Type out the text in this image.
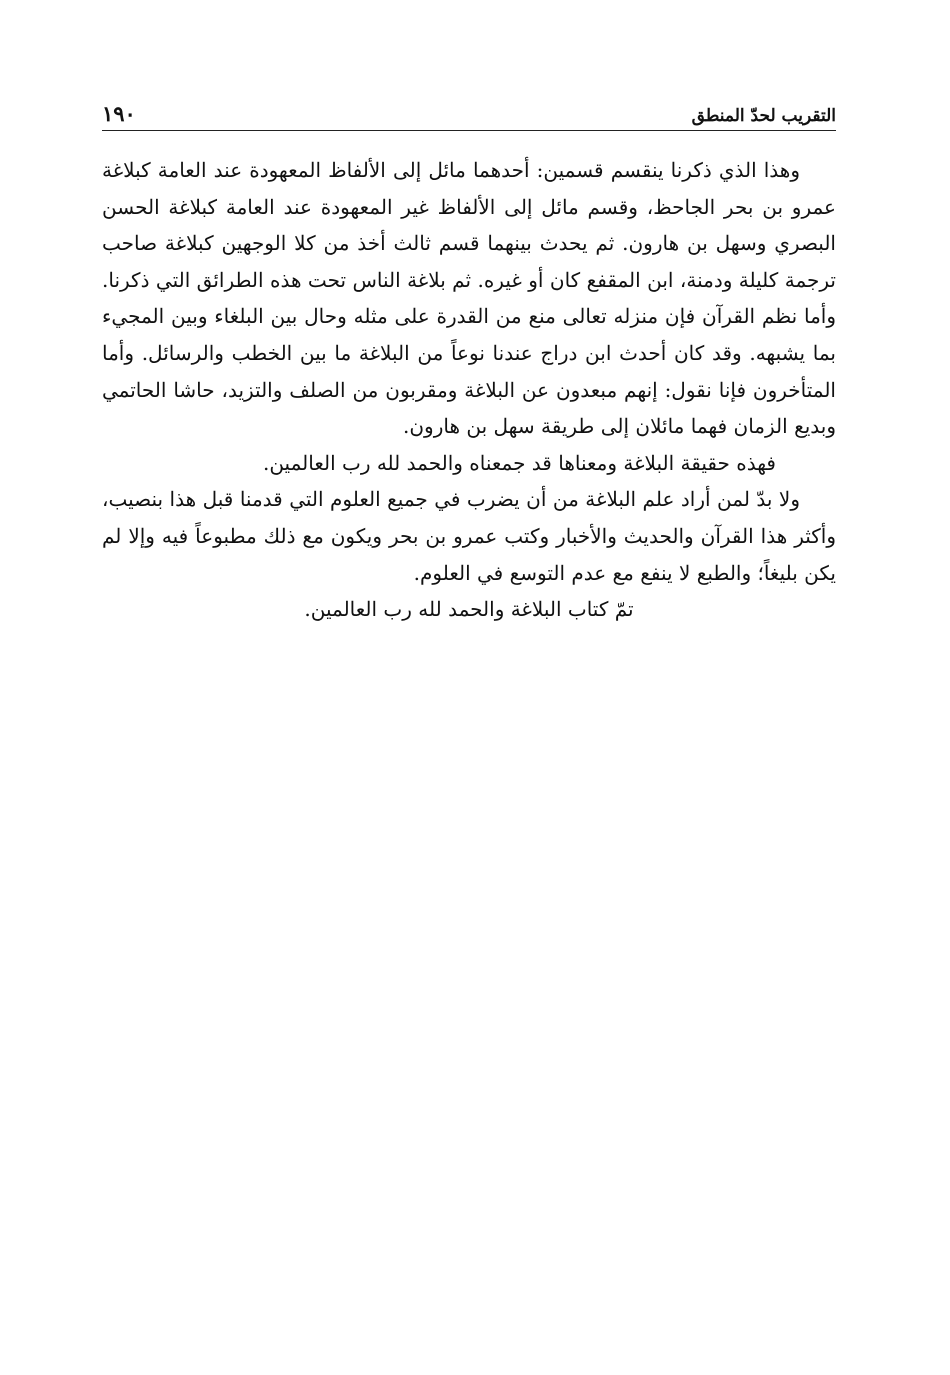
التقريب لحدّ المنطق
١٩٠

وهذا الذي ذكرنا ينقسم قسمين: أحدهما مائل إلى الألفاظ المعهودة عند العامة كبلاغة عمرو بن بحر الجاحظ، وقسم مائل إلى الألفاظ غير المعهودة عند العامة كبلاغة الحسن البصري وسهل بن هارون. ثم يحدث بينهما قسم ثالث أخذ من كلا الوجهين كبلاغة صاحب ترجمة كليلة ودمنة، ابن المقفع كان أو غيره. ثم بلاغة الناس تحت هذه الطرائق التي ذكرنا. وأما نظم القرآن فإن منزله تعالى منع من القدرة على مثله وحال بين البلغاء وبين المجيء بما يشبهه. وقد كان أحدث ابن دراج عندنا نوعاً من البلاغة ما بين الخطب والرسائل. وأما المتأخرون فإنا نقول: إنهم مبعدون عن البلاغة ومقربون من الصلف والتزيد، حاشا الحاتمي وبديع الزمان فهما مائلان إلى طريقة سهل بن هارون.

فهذه حقيقة البلاغة ومعناها قد جمعناه والحمد لله رب العالمين.

ولا بدّ لمن أراد علم البلاغة من أن يضرب في جميع العلوم التي قدمنا قبل هذا بنصيب، وأكثر هذا القرآن والحديث والأخبار وكتب عمرو بن بحر ويكون مع ذلك مطبوعاً فيه وإلا لم يكن بليغاً؛ والطبع لا ينفع مع عدم التوسع في العلوم.

تمّ كتاب البلاغة والحمد لله رب العالمين.
